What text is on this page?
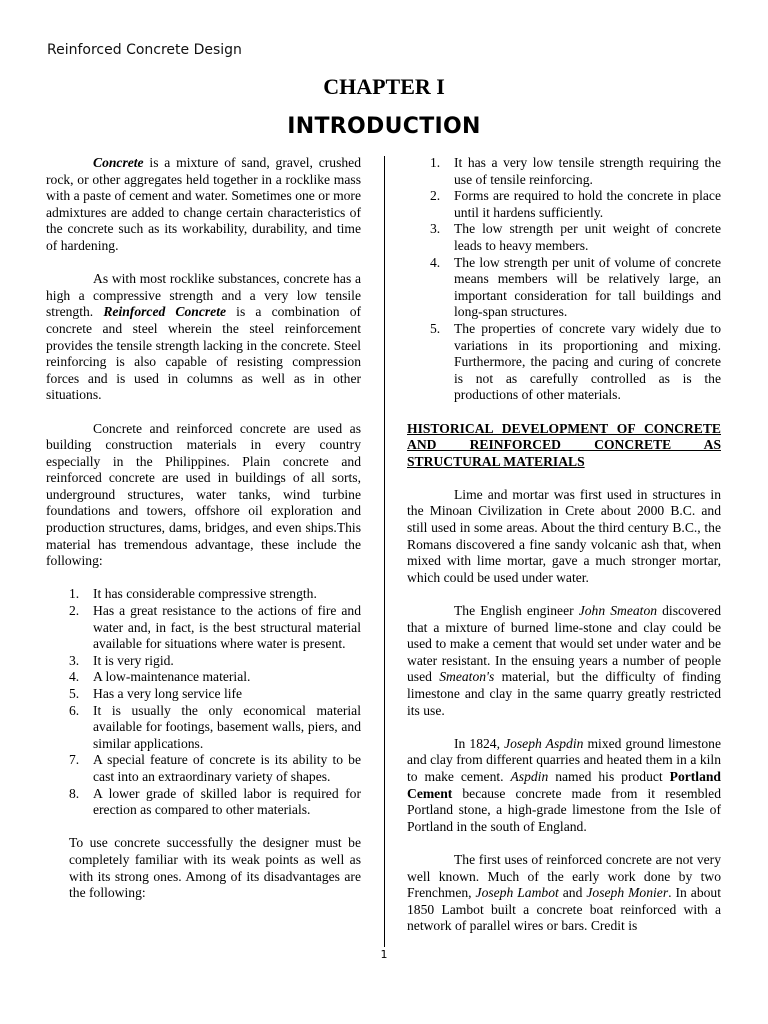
Reinforced Concrete Design
CHAPTER I
INTRODUCTION

Concrete is a mixture of sand, gravel, crushed rock, or other aggregates held together in a rocklike mass with a paste of cement and water. Sometimes one or more admixtures are added to change certain characteristics of the concrete such as its workability, durability, and time of hardening.

As with most rocklike substances, concrete has a high a compressive strength and a very low tensile strength. Reinforced Concrete is a combination of concrete and steel wherein the steel reinforcement provides the tensile strength lacking in the concrete. Steel reinforcing is also capable of resisting compression forces and is used in columns as well as in other situations.

Concrete and reinforced concrete are used as building construction materials in every country especially in the Philippines. Plain concrete and reinforced concrete are used in buildings of all sorts, underground structures, water tanks, wind turbine foundations and towers, offshore oil exploration and production structures, dams, bridges, and even ships.This material has tremendous advantage, these include the following:

1. It has considerable compressive strength.
2. Has a great resistance to the actions of fire and water and, in fact, is the best structural material available for situations where water is present.
3. It is very rigid.
4. A low-maintenance material.
5. Has a very long service life
6. It is usually the only economical material available for footings, basement walls, piers, and similar applications.
7. A special feature of concrete is its ability to be cast into an extraordinary variety of shapes.
8. A lower grade of skilled labor is required for erection as compared to other materials.

To use concrete successfully the designer must be completely familiar with its weak points as well as with its strong ones. Among of its disadvantages are the following:

1. It has a very low tensile strength requiring the use of tensile reinforcing.
2. Forms are required to hold the concrete in place until it hardens sufficiently.
3. The low strength per unit weight of concrete leads to heavy members.
4. The low strength per unit of volume of concrete means members will be relatively large, an important consideration for tall buildings and long-span structures.
5. The properties of concrete vary widely due to variations in its proportioning and mixing. Furthermore, the pacing and curing of concrete is not as carefully controlled as is the productions of other materials.
HISTORICAL DEVELOPMENT OF CONCRETE AND REINFORCED CONCRETE AS STRUCTURAL MATERIALS

Lime and mortar was first used in structures in the Minoan Civilization in Crete about 2000 B.C. and still used in some areas. About the third century B.C., the Romans discovered a fine sandy volcanic ash that, when mixed with lime mortar, gave a much stronger mortar, which could be used under water.

The English engineer John Smeaton discovered that a mixture of burned lime-stone and clay could be used to make a cement that would set under water and be water resistant. In the ensuing years a number of people used Smeaton's material, but the difficulty of finding limestone and clay in the same quarry greatly restricted its use.

In 1824, Joseph Aspdin mixed ground limestone and clay from different quarries and heated them in a kiln to make cement. Aspdin named his product Portland Cement because concrete made from it resembled Portland stone, a high-grade limestone from the Isle of Portland in the south of England.

The first uses of reinforced concrete are not very well known. Much of the early work done by two Frenchmen, Joseph Lambot and Joseph Monier. In about 1850 Lambot built a concrete boat reinforced with a network of parallel wires or bars. Credit is

1
